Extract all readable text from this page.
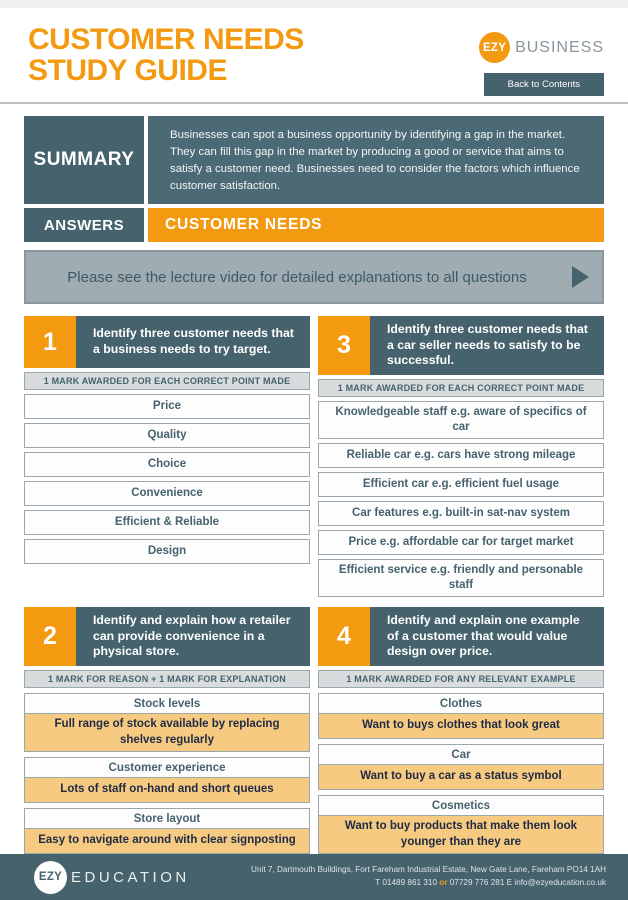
CUSTOMER NEEDS
STUDY GUIDE
EZY BUSINESS
Back to Contents
SUMMARY
Businesses can spot a business opportunity by identifying a gap in the market. They can fill this gap in the market by producing a good or service that aims to satisfy a customer need. Businesses need to consider the factors which influence customer satisfaction.
ANSWERS	CUSTOMER NEEDS
Please see the lecture video for detailed explanations to all questions
1	Identify three customer needs that a business needs to try target.
1 MARK AWARDED FOR EACH CORRECT POINT MADE
Price
Quality
Choice
Convenience
Efficient & Reliable
Design
3
Identify three customer needs that a car seller needs to satisfy to be successful.
1 MARK AWARDED FOR EACH CORRECT POINT MADE
Knowledgeable staff e.g. aware of specifics of car
Reliable car e.g. cars have strong mileage
Efficient car e.g. efficient fuel usage
Car features e.g. built-in sat-nav system
Price e.g. affordable car for target market
Efficient service e.g. friendly and personable staff
2
Identify and explain how a retailer can provide convenience in a physical store.
1 MARK FOR REASON + 1 MARK FOR EXPLANATION
Stock levels
Full range of stock available by replacing shelves regularly
Customer experience
Lots of staff on-hand and short queues
Store layout
Easy to navigate around with clear signposting
4
Identify and explain one example of a customer that would value design over price.
1 MARK AWARDED FOR ANY RELEVANT EXAMPLE
Clothes
Want to buys clothes that look great
Car
Want to buy a car as a status symbol
Cosmetics
Want to buy products that make them look younger than they are
EZY EDUCATION	Unit 7, Dartmouth Buildings, Fort Fareham Industrial Estate, New Gate Lane, Fareham PO14 1AH
T 01489 861 310 or 07729 776 281 E info@ezyeducation.co.uk
